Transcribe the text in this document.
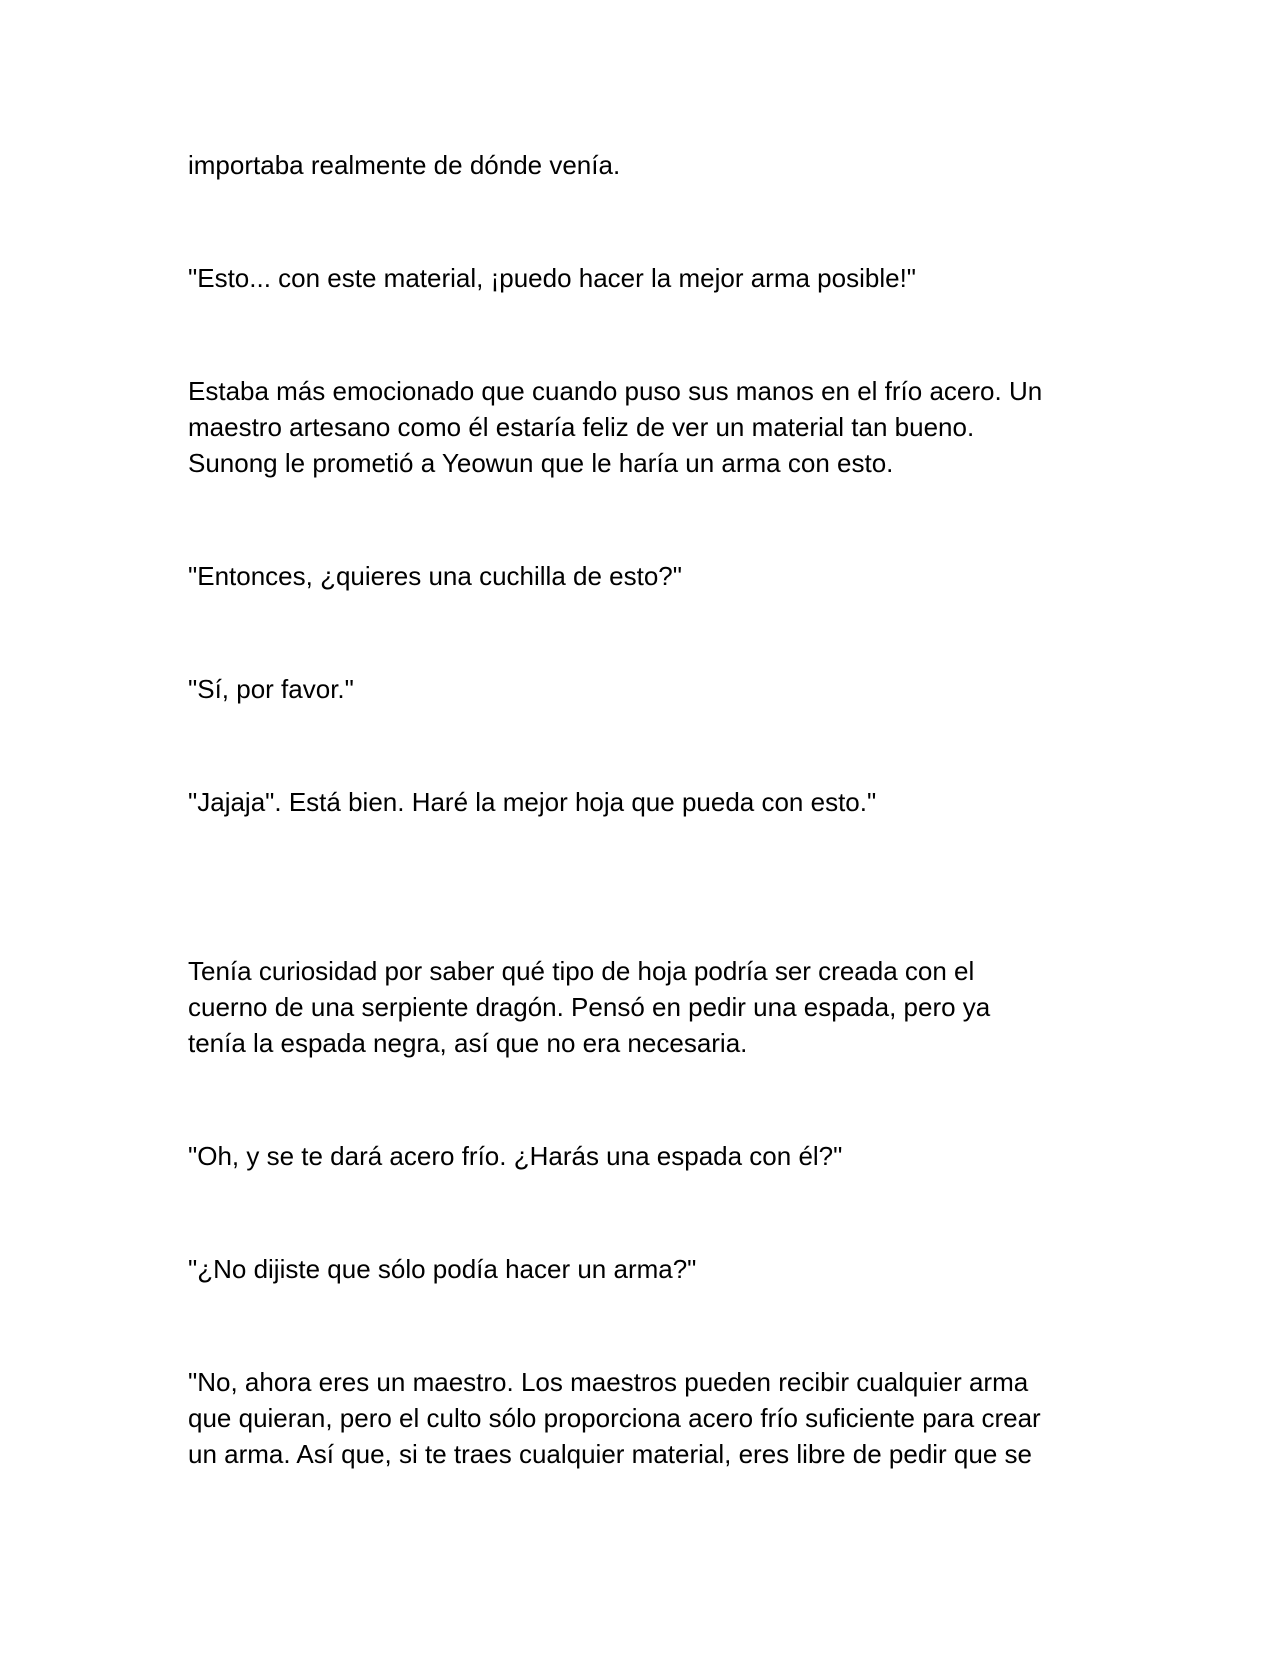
importaba realmente de dónde venía.

"Esto... con este material, ¡puedo hacer la mejor arma posible!"

Estaba más emocionado que cuando puso sus manos en el frío acero. Un
maestro artesano como él estaría feliz de ver un material tan bueno.
Sunong le prometió a Yeowun que le haría un arma con esto.

"Entonces, ¿quieres una cuchilla de esto?"

"Sí, por favor."

"Jajaja". Está bien. Haré la mejor hoja que pueda con esto."

Tenía curiosidad por saber qué tipo de hoja podría ser creada con el
cuerno de una serpiente dragón. Pensó en pedir una espada, pero ya
tenía la espada negra, así que no era necesaria.

"Oh, y se te dará acero frío. ¿Harás una espada con él?"

"¿No dijiste que sólo podía hacer un arma?"

"No, ahora eres un maestro. Los maestros pueden recibir cualquier arma
que quieran, pero el culto sólo proporciona acero frío suficiente para crear
un arma. Así que, si te traes cualquier material, eres libre de pedir que se
